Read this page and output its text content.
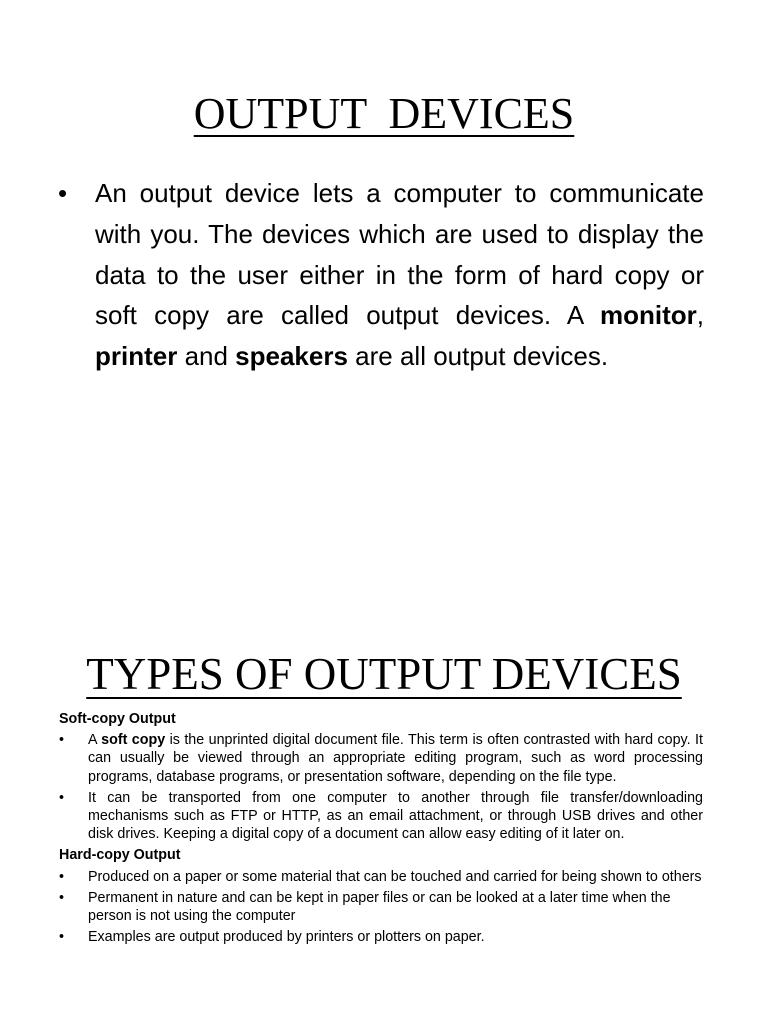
OUTPUT  DEVICES
•	An output device lets a computer to communicate with you. The devices which are used to display the data to the user either in the form of hard copy or soft copy are called output devices. A monitor, printer and speakers are all output devices.
TYPES OF OUTPUT DEVICES

Soft-copy Output

• A soft copy is the unprinted digital document file. This term is often contrasted with hard copy. It can usually be viewed through an appropriate editing program, such as word processing programs, database programs, or presentation software, depending on the file type.
• It can be transported from one computer to another through file transfer/downloading mechanisms such as FTP or HTTP, as an email attachment, or through USB drives and other disk drives. Keeping a digital copy of a document can allow easy editing of it later on.

Hard-copy Output

• Produced on a paper or some material that can be touched and carried for being shown to others
• Permanent in nature and can be kept in paper files or can be looked at a later time when the person is not using the computer
• Examples are output produced by printers or plotters on paper.
